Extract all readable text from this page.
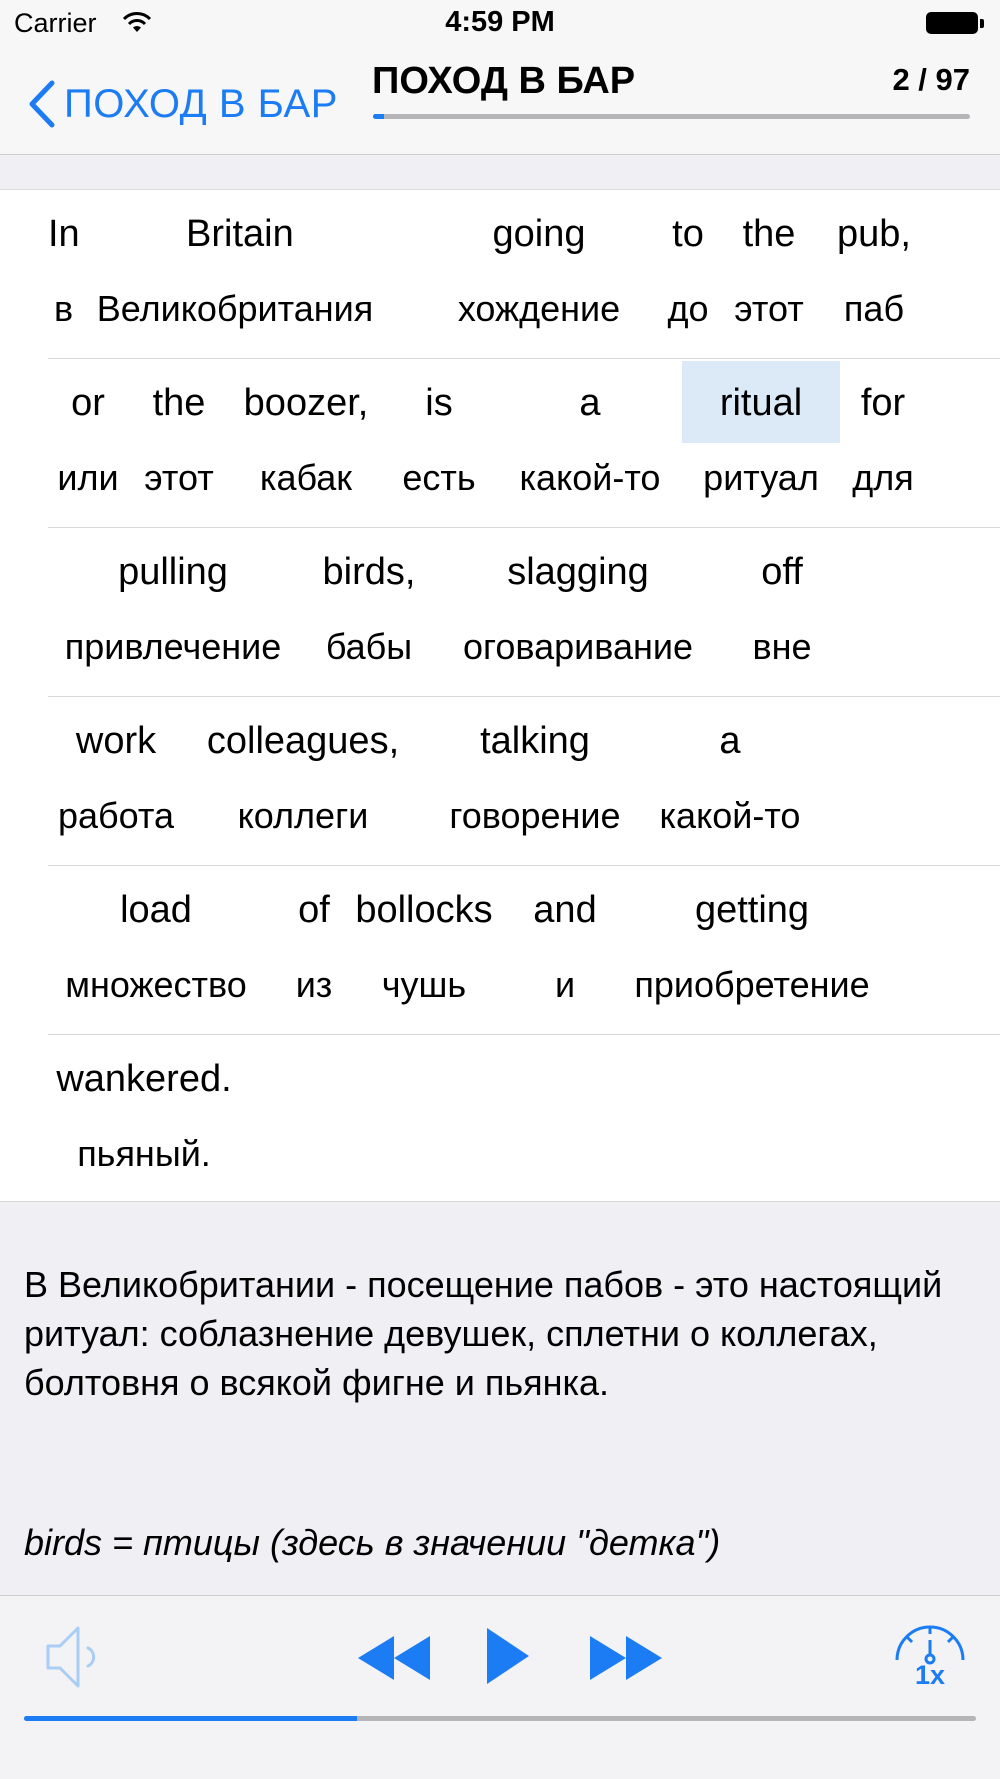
Carrier	4:59 PM
ПОХОД В БАР
ПОХОД В БАР	2 / 97
In
в
Britain
Великобритания
going
хождение
to
до
the
этот
pub,
паб
or
или
the
этот
boozer,
кабак
is
есть
a
какой-то
ritual
ритуал
for
для
pulling
привлечение
birds,
бабы
slagging
оговаривание
off
вне
work
работа
colleagues,
коллеги
talking
говорение
a
какой-то
load
множество
of
из
bollocks
чушь
and
и
getting
приобретение
wankered.
пьяный.
В Великобритании - посещение пабов - это настоящий ритуал: соблазнение девушек, сплетни о коллегах, болтовня о всякой фигне и пьянка.
birds = птицы (здесь в значении "детка")
1x
